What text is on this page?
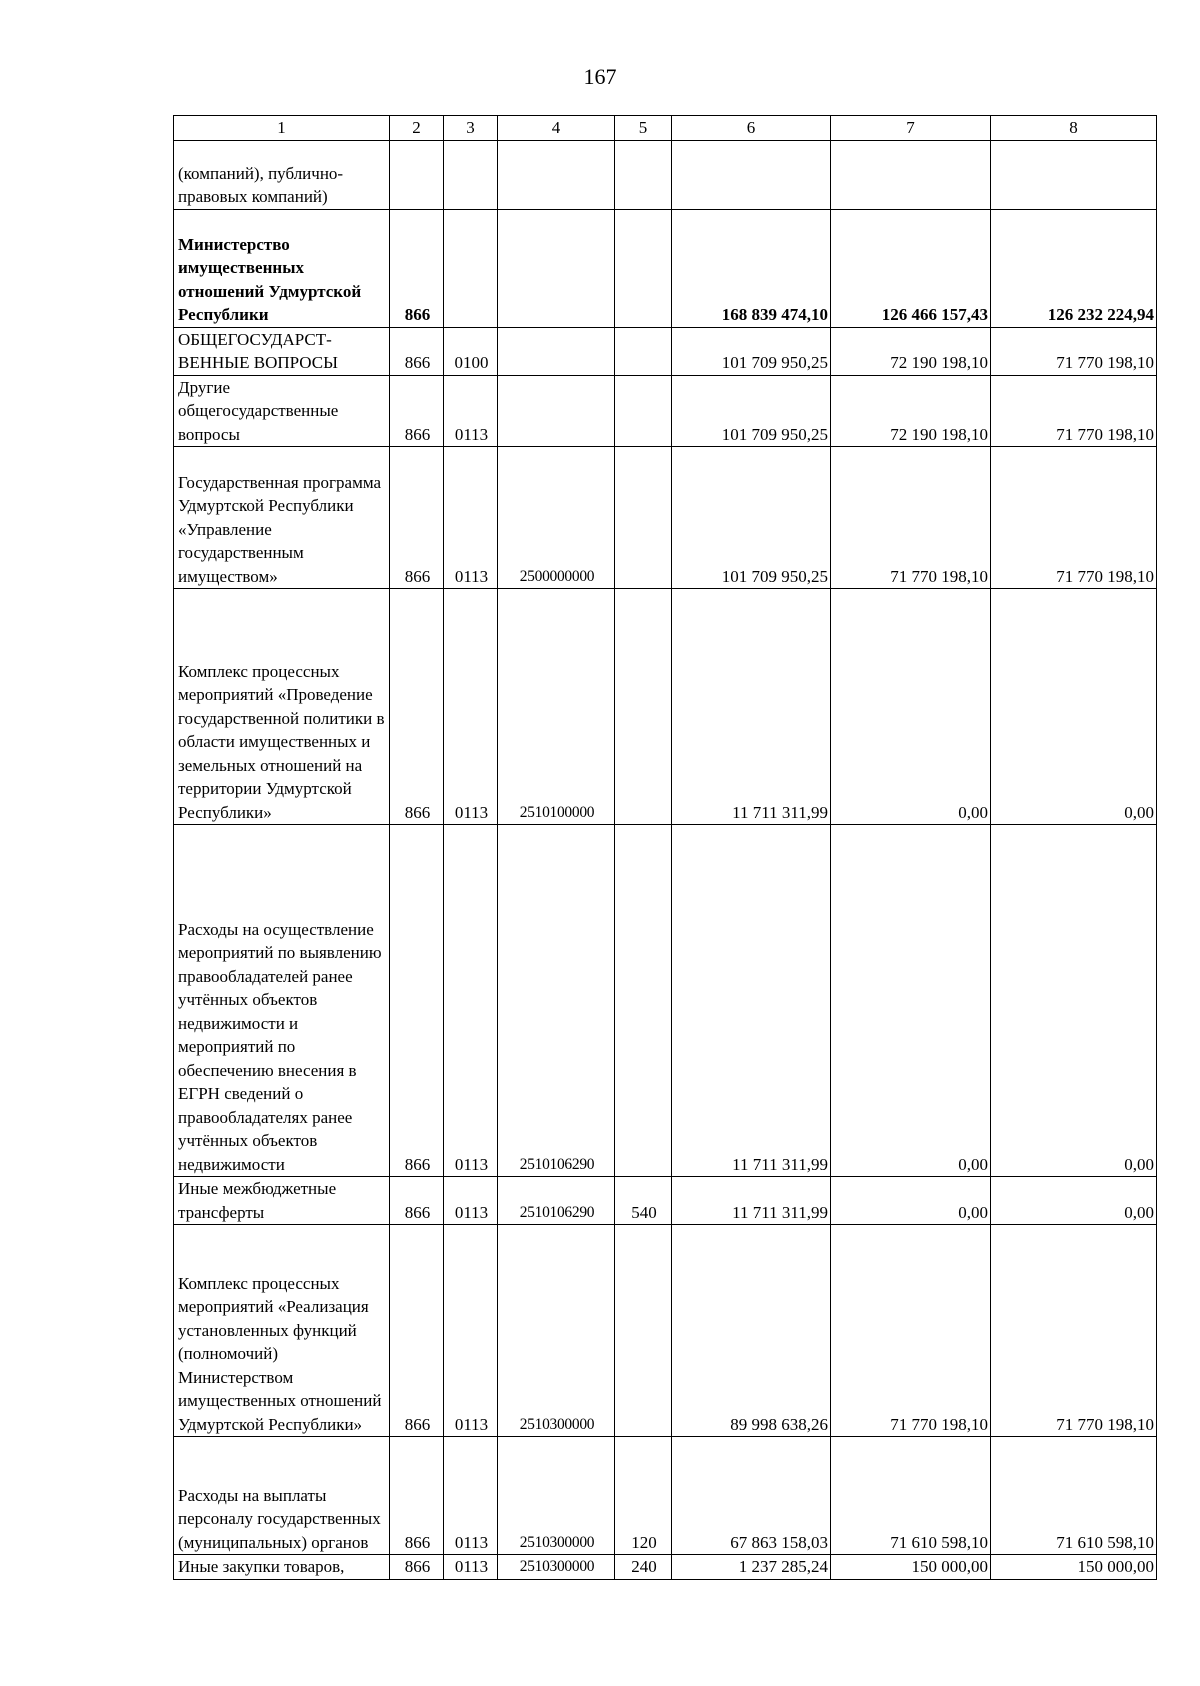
167
1	2	3	4	5	6	7	8
(компаний), публично-правовых компаний)							
Министерство имущественных отношений Удмуртской Республики	866				168 839 474,10	126 466 157,43	126 232 224,94
ОБЩЕГОСУДАРСТ-ВЕННЫЕ ВОПРОСЫ	866	0100			101 709 950,25	72 190 198,10	71 770 198,10
Другие общегосударственные вопросы	866	0113			101 709 950,25	72 190 198,10	71 770 198,10
Государственная программа Удмуртской Республики «Управление государственным имуществом»	866	0113	2500000000		101 709 950,25	71 770 198,10	71 770 198,10
Комплекс процессных мероприятий «Проведение государственной политики в области имущественных и земельных отношений на территории Удмуртской Республики»	866	0113	2510100000		11 711 311,99	0,00	0,00
Расходы на осуществление мероприятий по выявлению правообладателей ранее учтённых объектов недвижимости и мероприятий по обеспечению внесения в ЕГРН сведений о правообладателях ранее учтённых объектов недвижимости	866	0113	2510106290		11 711 311,99	0,00	0,00
Иные межбюджетные трансферты	866	0113	2510106290	540	11 711 311,99	0,00	0,00
Комплекс процессных мероприятий «Реализация установленных функций (полномочий) Министерством имущественных отношений Удмуртской Республики»	866	0113	2510300000		89 998 638,26	71 770 198,10	71 770 198,10
Расходы на выплаты персоналу государственных (муниципальных) органов	866	0113	2510300000	120	67 863 158,03	71 610 598,10	71 610 598,10
Иные закупки товаров,	866	0113	2510300000	240	1 237 285,24	150 000,00	150 000,00
